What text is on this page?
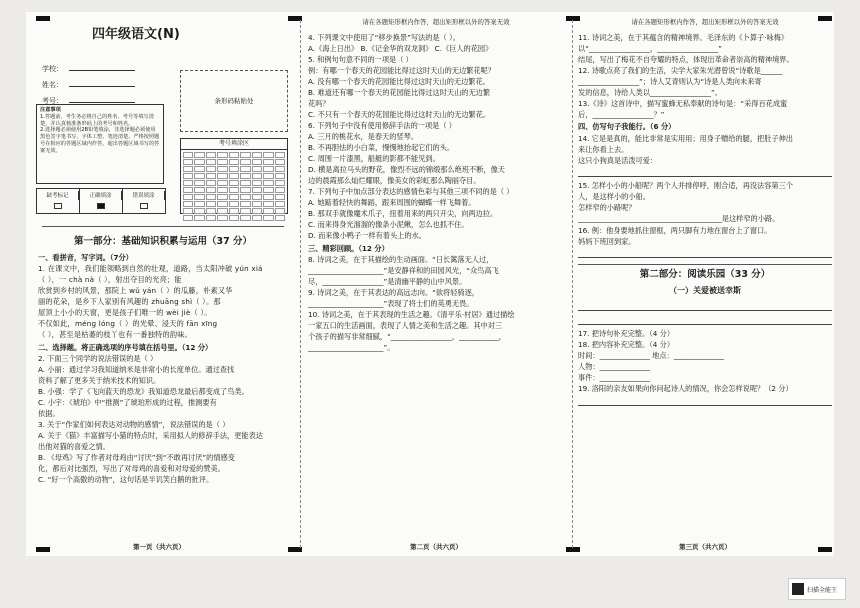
四年级语文(N)
学校：
姓名：
考号：	条形码粘贴处
注意事项
1.答题前，考生务必将自己的姓名、考号等填写清楚，并认真核准条形码上的考号和姓名。
2.选择题必须使用2B铅笔填涂，非选择题必须使用黑色签字笔书写，字体工整、笔迹清楚。严格按照题号在相应的答题区域内作答，超出答题区域书写的答案无效。
考号填涂区
缺考标记	正确填涂	错误填涂
第一部分：基础知识积累与运用（37 分）
一、看拼音，写字词。（7分）
1. 在课文中，我们能领略到自然的壮观，道路，当太阳冲破 yún xiá
（ ），一 chà nà（ ），射出夺目的光亮；能
欣赏到乡村的风景，那院上 wǔ yán（ ）的瓜藤，朴素又华
丽的花朵，是乡下人家别有风趣的 zhuāng shì（ ）。那
屋顶上小小的天窗，更是孩子们唯一的 wèi jiè（ ）。
不仅如此，méng lóng（ ）的光晕、浸天的 fān xīng
（ ），甚至是枯萎的枝丫也有一番独特的韵味。
二、选择题。将正确选项的序号填在括号里。（12 分）
2. 下面三个同学的说法错误的是（ ）
A. 小丽：通过学习我知道纳米是非常小的长度单位。通过查找
资料了解了更多关于纳米技术的知识。
B. 小强：学了《飞向蓝天的恐龙》我知道恐龙最后都变成了鸟类。
C. 小宇：《琥珀》中“推测”了琥珀形成的过程，推测要有
依据。
3. 关于“作家们如何表达对动物的感情”，说法错误的是（ ）
A. 关于《猫》丰富描写小猫的特点时，采用拟人的修辞手法，更能表达
出他对猫的喜爱之情。
B. 《母鸡》写了作者对母鸡由“讨厌”到“不敢再讨厌”的情感变
化，都后对比强烈，写出了对母鸡的喜爱和对母爱的赞美。
C. “好一个高傲的动物”，这句话是半讥笑白鹅的批评。
第一页（共六页）
请在各题矩形框内作答，超出矩形框以外的答案无效
4. 下列课文中使用了“移步换景”写法的是（ ）。
A.《海上日出》 B.《记金华的双龙洞》 C.《巨人的花园》
5. 和例句句意不同的一项是（ ）
例：有哪一个春天的花园能比得过这时天山的无边繁花呢？
A. 没有哪一个春天的花园能比得过这时天山的无边繁花。
B. 难道还有哪一个春天的花园能比得过这时天山的无边繁
花吗？
C. 不只有一个春天的花园能比得过这时天山的无边繁花。
6. 下列句子中没有使用修辞手法的一项是（ ）
A. 三月的桃花水，是春天的竖琴。
B. 不再胆怯的小白菜，慢慢地抬起它们的头。
C. 周围一片漆黑，船艇的影都不能见到。
D. 横是离拉马头的野花，像烈不远的锦缎那么绝班不断，像天
边的晨霞那么灿烂耀眼，像美女的彩虹那么陶丽夺目。
7. 下列句子中加点部分表达的感情色彩与其他三项不同的是（ ）
A. 她踮着轻快的舞蹈，跟来周围的蝴蝶一样飞舞着。
B. 那双手就像魔术爪子，扭着用来的两只开尖，向两边拉。
C. 而来得身光溜溜的像条小泥鳅，怎么也抓不住。
D. 而来像小鸭子一样有着头上的水。
三、精彩回顾。（12 分）
8. 诗词之美，在于其描绘的生动画面。“日长篱落无人过，
_____________________”是安静祥和的田园风光，“众鸟高飞
尽，_________________”是清幽平静的山中风景。
9. 诗词之美，在于其表达的高远志向。“欲将轻骑逐，
_____________________”表现了将士们的英勇无畏。
10. 诗词之美，在于其表现的生活之趣。《清平乐·村居》通过描绘
一家五口的生活画面，表现了人情之美和生活之趣。其中对三
个孩子的描写非常细腻，“_________________，___________，
_____________________”。
第二页（共六页）
请在各题矩形框内作答，超出矩形框以外的答案无效
11. 诗词之美，在于其蕴含的精神境界。毛泽东的《卜算子·咏梅》
以“_________________，_________________”
结尾，写出了梅花不自夸耀的特点，体现出革命者崇高的精神境界。
12. 诗歌点亮了我们的生活，尖学大家朱光潜曾说“诗歌是______
_________________”；诗人艾青则认为“诗是人类向未来寄
发的信息，诗给人类以_________________”。
13.《诗》这首诗中，描写蜜蜂无私奉献的诗句是：“采得百花成蜜
后，_________________？”
四、仿写句子我能行。（6 分）
14. 它是是真的，能比非常是实用用；用身子赠给的腿，把肚子伸出
来让你看上去。
这只小狗真是活泼可爱：
15. 怎样小小的小船呢？两个人并排停呼，刚合适，再没法容第三个
人，是这样小的小船。
怎样窄的小路呢？
________________________________________是这样窄的小路。
16. 例：他身要地抓住窗框，两只脚有力地在窗台上了窗口。
妈妈下班回到家。
第二部分：阅读乐园（33 分）
（一）关爱被送幸斯
17. 把诗句补充完整。（4 分）
18. 把内容补充完整。（4 分）
时间：______________ 地点：______________
人物：______________
事件：______________
19. 洛阳的亲友如果向你问起诗人的情况，你会怎样说呢？（2 分）
第三页（共六页）
扫描全能王
